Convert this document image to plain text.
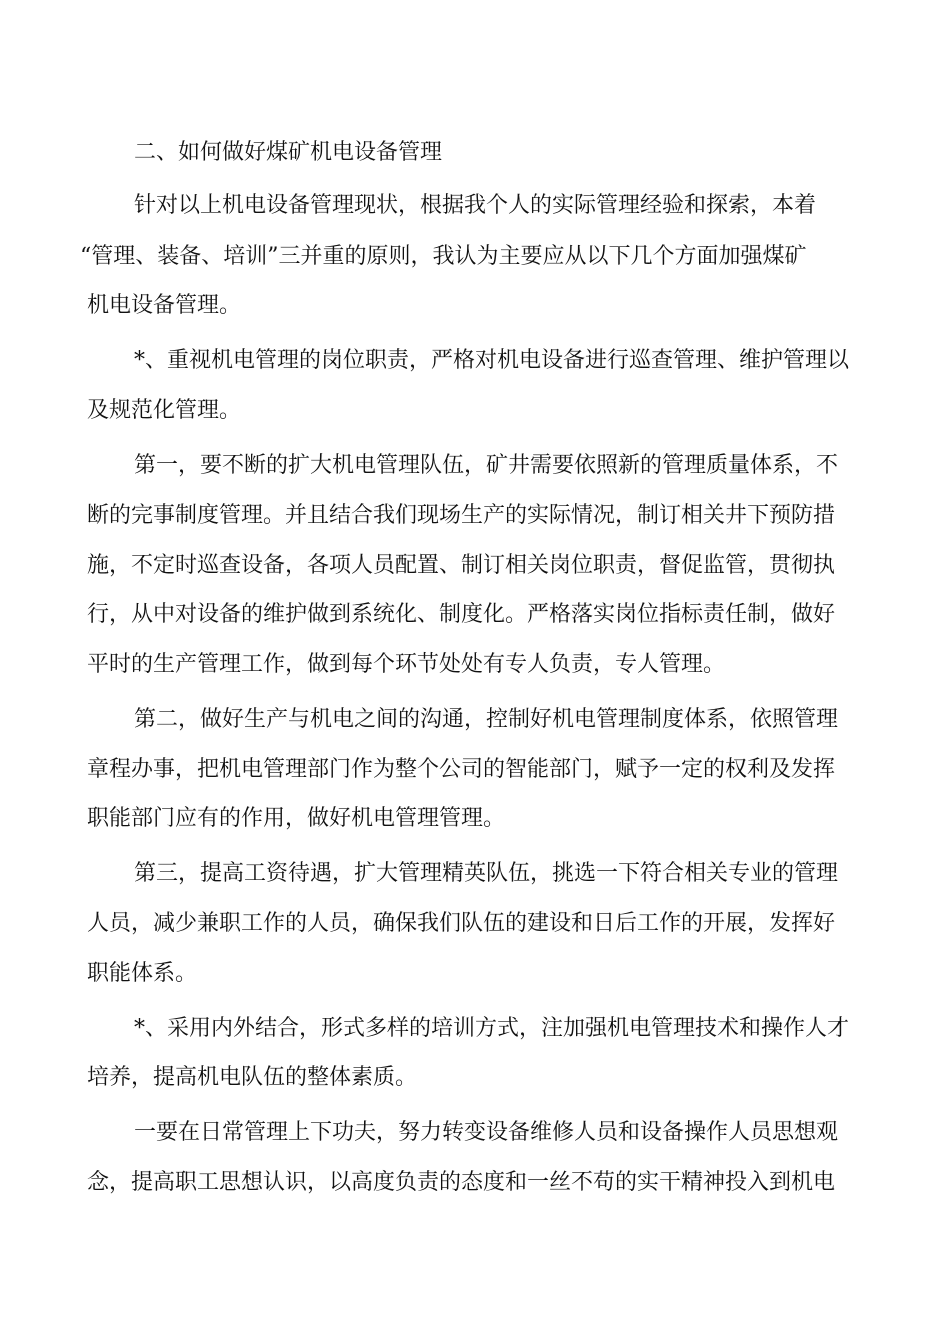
二、如何做好煤矿机电设备管理
针对以上机电设备管理现状，根据我个人的实际管理经验和探索，本着
“管理、装备、培训”三并重的原则，我认为主要应从以下几个方面加强煤矿
机电设备管理。
*、重视机电管理的岗位职责，严格对机电设备进行巡查管理、维护管理以
及规范化管理。
第一，要不断的扩大机电管理队伍，矿井需要依照新的管理质量体系，不
断的完事制度管理。并且结合我们现场生产的实际情况，制订相关井下预防措
施，不定时巡查设备，各项人员配置、制订相关岗位职责，督促监管，贯彻执
行，从中对设备的维护做到系统化、制度化。严格落实岗位指标责任制，做好
平时的生产管理工作，做到每个环节处处有专人负责，专人管理。
第二，做好生产与机电之间的沟通，控制好机电管理制度体系，依照管理
章程办事，把机电管理部门作为整个公司的智能部门，赋予一定的权利及发挥
职能部门应有的作用，做好机电管理管理。
第三，提高工资待遇，扩大管理精英队伍，挑选一下符合相关专业的管理
人员，减少兼职工作的人员，确保我们队伍的建设和日后工作的开展，发挥好
职能体系。
*、采用内外结合，形式多样的培训方式，注加强机电管理技术和操作人才
培养，提高机电队伍的整体素质。
一要在日常管理上下功夫，努力转变设备维修人员和设备操作人员思想观
念，提高职工思想认识，以高度负责的态度和一丝不苟的实干精神投入到机电
